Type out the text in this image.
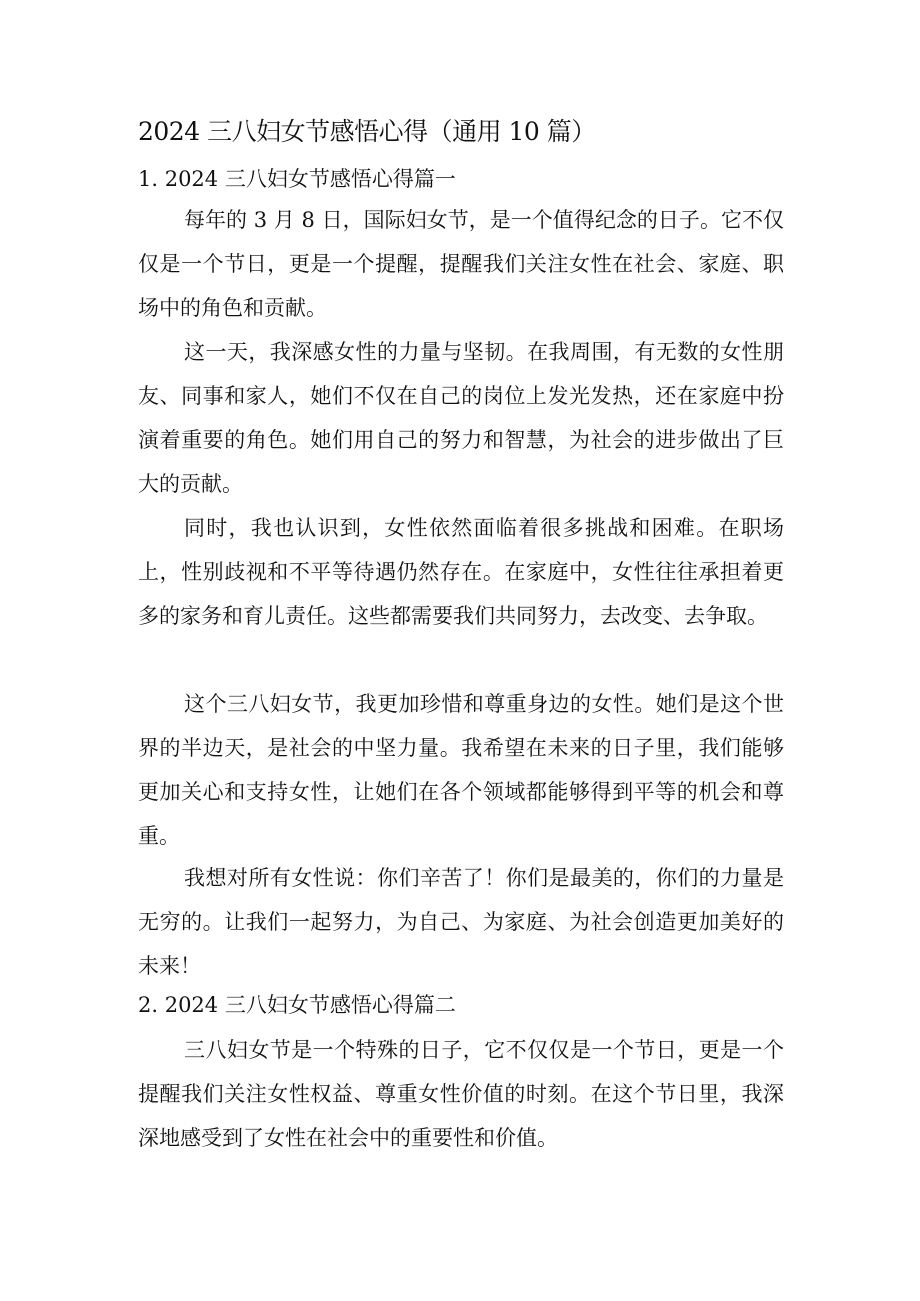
2024 三八妇女节感悟心得（通用 10 篇）
1. 2024 三八妇女节感悟心得篇一

每年的 3 月 8 日，国际妇女节，是一个值得纪念的日子。它不仅仅是一个节日，更是一个提醒，提醒我们关注女性在社会、家庭、职场中的角色和贡献。

这一天，我深感女性的力量与坚韧。在我周围，有无数的女性朋友、同事和家人，她们不仅在自己的岗位上发光发热，还在家庭中扮演着重要的角色。她们用自己的努力和智慧，为社会的进步做出了巨大的贡献。

同时，我也认识到，女性依然面临着很多挑战和困难。在职场上，性别歧视和不平等待遇仍然存在。在家庭中，女性往往承担着更多的家务和育儿责任。这些都需要我们共同努力，去改变、去争取。

这个三八妇女节，我更加珍惜和尊重身边的女性。她们是这个世界的半边天，是社会的中坚力量。我希望在未来的日子里，我们能够更加关心和支持女性，让她们在各个领域都能够得到平等的机会和尊重。

我想对所有女性说：你们辛苦了！你们是最美的，你们的力量是无穷的。让我们一起努力，为自己、为家庭、为社会创造更加美好的未来！

2. 2024 三八妇女节感悟心得篇二

三八妇女节是一个特殊的日子，它不仅仅是一个节日，更是一个提醒我们关注女性权益、尊重女性价值的时刻。在这个节日里，我深深地感受到了女性在社会中的重要性和价值。
